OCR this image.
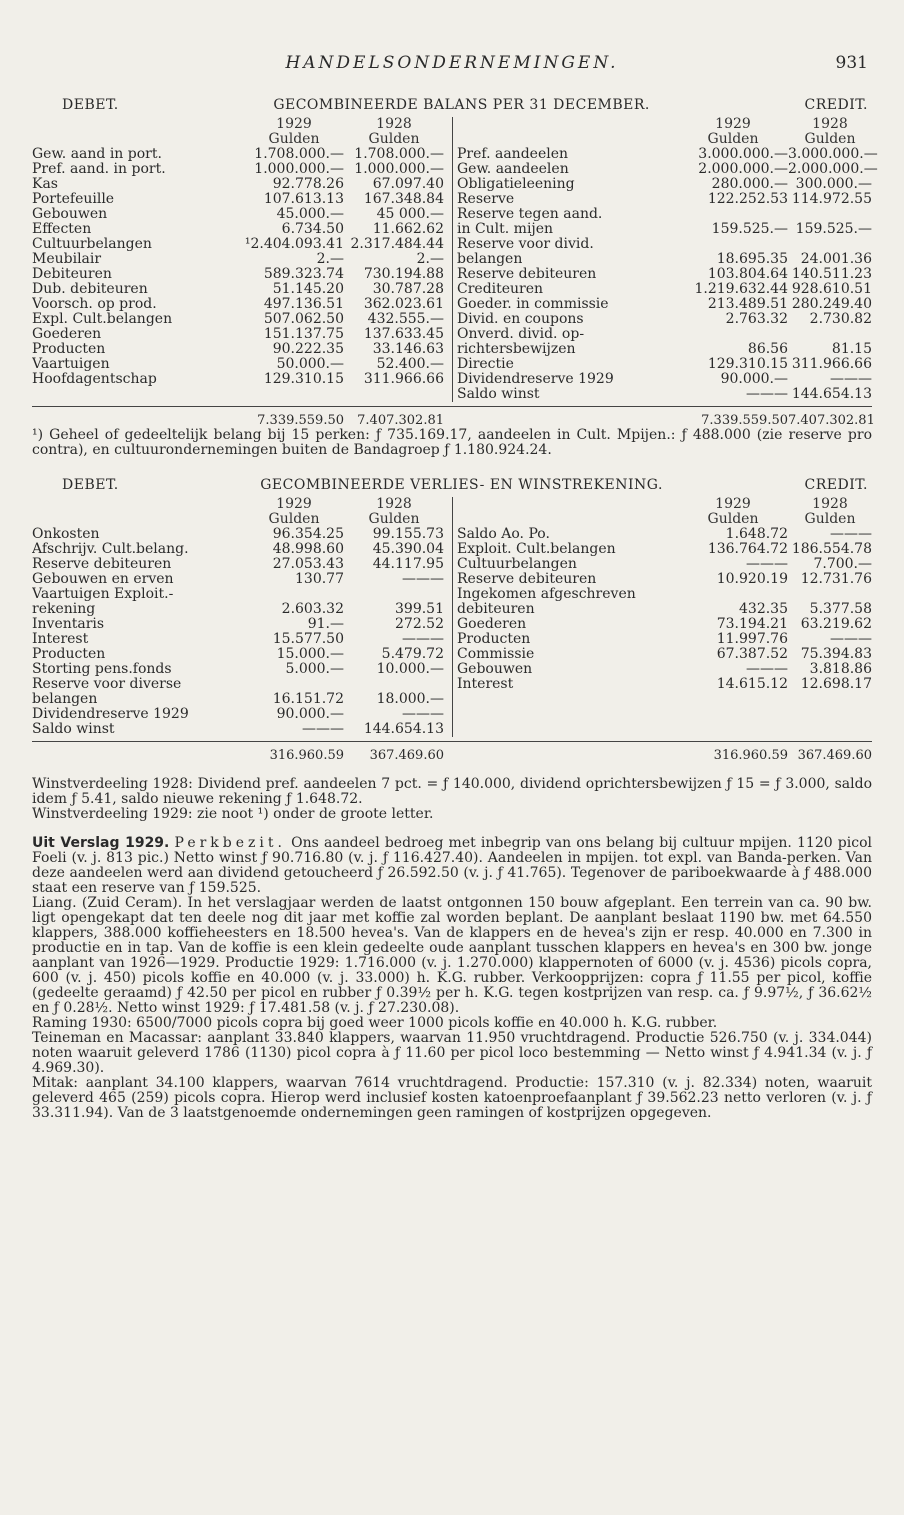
HANDELSONDERNEMINGEN.	931
DEBET.	GECOMBINEERDE BALANS PER 31 DECEMBER.	CREDIT.
1929	1928
Gulden	Gulden
Gew. aand in port.	1.708.000.— 1.708.000.—
Pref. aand. in port.	1.000.000.— 1.000.000.—
Kas	92.778.26	67.097.40
Portefeuille	107.613.13	167.348.84
Gebouwen	45.000.—	45 000.—
Effecten	6.734.50	11.662.62
Cultuurbelangen	¹2.404.093.41 2.317.484.44
Meubilair	2.—	2.—
Debiteuren	589.323.74	730.194.88
Dub. debiteuren	51.145.20	30.787.28
Voorsch. op prod.	497.136.51	362.023.61
Expl. Cult.belangen	507.062.50	432.555.—
Goederen	151.137.75	137.633.45
Producten	90.222.35	33.146.63
Vaartuigen	50.000.—	52.400.—
Hoofdagentschap	129.310.15	311.966.66
1929	1928
Gulden	Gulden
Pref. aandeelen	3.000.000.— 3.000.000.—
Gew. aandeelen	2.000.000.— 2.000.000.—
Obligatieleening	280.000.— 300.000.—
Reserve	122.252.53 114.972.55
Reserve tegen aand.
in Cult. mijen	159.525.— 159.525.—
Reserve voor divid.
belangen	18.695.35 24.001.36
Reserve debiteuren	103.804.64 140.511.23
Crediteuren	1.219.632.44 928.610.51
Goeder. in commissie	213.489.51 280.249.40
Divid. en coupons	2.763.32	2.730.82
Onverd. divid. op-
richtersbewijzen	86.56	81.15
Directie	129.310.15 311.966.66
Dividendreserve 1929	90.000.—	———
Saldo winst	——— 144.654.13
7.339.559.50	7.407.302.81	7.339.559.50 7.407.302.81
¹) Geheel of gedeeltelijk belang bij 15 perken: ƒ 735.169.17, aandeelen in Cult. Mpijen.: ƒ 488.000 (zie reserve pro contra), en cultuurondernemingen buiten de Bandagroep ƒ 1.180.924.24.
DEBET.	GECOMBINEERDE VERLIES- EN WINSTREKENING.	CREDIT.
1929	1928
Gulden	Gulden
Onkosten	96.354.25	99.155.73
Afschrijv. Cult.belang.	48.998.60	45.390.04
Reserve debiteuren	27.053.43	44.117.95
Gebouwen en erven	130.77	———
Vaartuigen Exploit.-
rekening	2.603.32	399.51
Inventaris	91.—	272.52
Interest	15.577.50	———
Producten	15.000.—	5.479.72
Storting pens.fonds	5.000.—	10.000.—
Reserve voor diverse
belangen	16.151.72	18.000.—
Dividendreserve 1929	90.000.—	———
Saldo winst	———	144.654.13
1929	1928
Gulden	Gulden
Saldo Ao. Po.	1.648.72	———
Exploit. Cult.belangen	136.764.72 186.554.78
Cultuurbelangen	———	7.700.—
Reserve debiteuren	10.920.19 12.731.76
Ingekomen afgeschreven
debiteuren	432.35	5.377.58
Goederen	73.194.21 63.219.62
Producten	11.997.76	———
Commissie	67.387.52 75.394.83
Gebouwen	———	3.818.86
Interest	14.615.12 12.698.17
316.960.59	367.469.60	316.960.59 367.469.60

Winstverdeeling 1928: Dividend pref. aandeelen 7 pct. = ƒ 140.000, dividend oprichtersbewijzen ƒ 15 = ƒ 3.000, saldo idem ƒ 5.41, saldo nieuwe rekening ƒ 1.648.72.

Winstverdeeling 1929: zie noot ¹) onder de groote letter.

Uit Verslag 1929. Perkbezit. Ons aandeel bedroeg met inbegrip van ons belang bij cultuur mpijen. 1120 picol Foeli (v. j. 813 pic.) Netto winst ƒ 90.716.80 (v. j. ƒ 116.427.40). Aandeelen in mpijen. tot expl. van Banda-perken. Van deze aandeelen werd aan dividend getoucheerd ƒ 26.592.50 (v. j. ƒ 41.765). Tegenover de pariboekwaarde à ƒ 488.000 staat een reserve van ƒ 159.525.

Liang. (Zuid Ceram). In het verslagjaar werden de laatst ontgonnen 150 bouw afgeplant. Een terrein van ca. 90 bw. ligt opengekapt dat ten deele nog dit jaar met koffie zal worden beplant. De aanplant beslaat 1190 bw. met 64.550 klappers, 388.000 koffieheesters en 18.500 hevea's. Van de klappers en de hevea's zijn er resp. 40.000 en 7.300 in productie en in tap. Van de koffie is een klein gedeelte oude aanplant tusschen klappers en hevea's en 300 bw. jonge aanplant van 1926—1929. Productie 1929: 1.716.000 (v. j. 1.270.000) klappernoten of 6000 (v. j. 4536) picols copra, 600 (v. j. 450) picols koffie en 40.000 (v. j. 33.000) h. K.G. rubber. Verkoopprijzen: copra ƒ 11.55 per picol, koffie (gedeelte geraamd) ƒ 42.50 per picol en rubber ƒ 0.39½ per h. K.G. tegen kostprijzen van resp. ca. ƒ 9.97½, ƒ 36.62½ en ƒ 0.28½. Netto winst 1929: ƒ 17.481.58 (v. j. ƒ 27.230.08).

Raming 1930: 6500/7000 picols copra bij goed weer 1000 picols koffie en 40.000 h. K.G. rubber.

Teineman en Macassar: aanplant 33.840 klappers, waarvan 11.950 vruchtdragend. Productie 526.750 (v. j. 334.044) noten waaruit geleverd 1786 (1130) picol copra à ƒ 11.60 per picol loco bestemming — Netto winst ƒ 4.941.34 (v. j. ƒ 4.969.30).

Mitak: aanplant 34.100 klappers, waarvan 7614 vruchtdragend. Productie: 157.310 (v. j. 82.334) noten, waaruit geleverd 465 (259) picols copra. Hierop werd inclusief kosten katoenproefaanplant ƒ 39.562.23 netto verloren (v. j. ƒ 33.311.94). Van de 3 laatstgenoemde ondernemingen geen ramingen of kostprijzen opgegeven.
